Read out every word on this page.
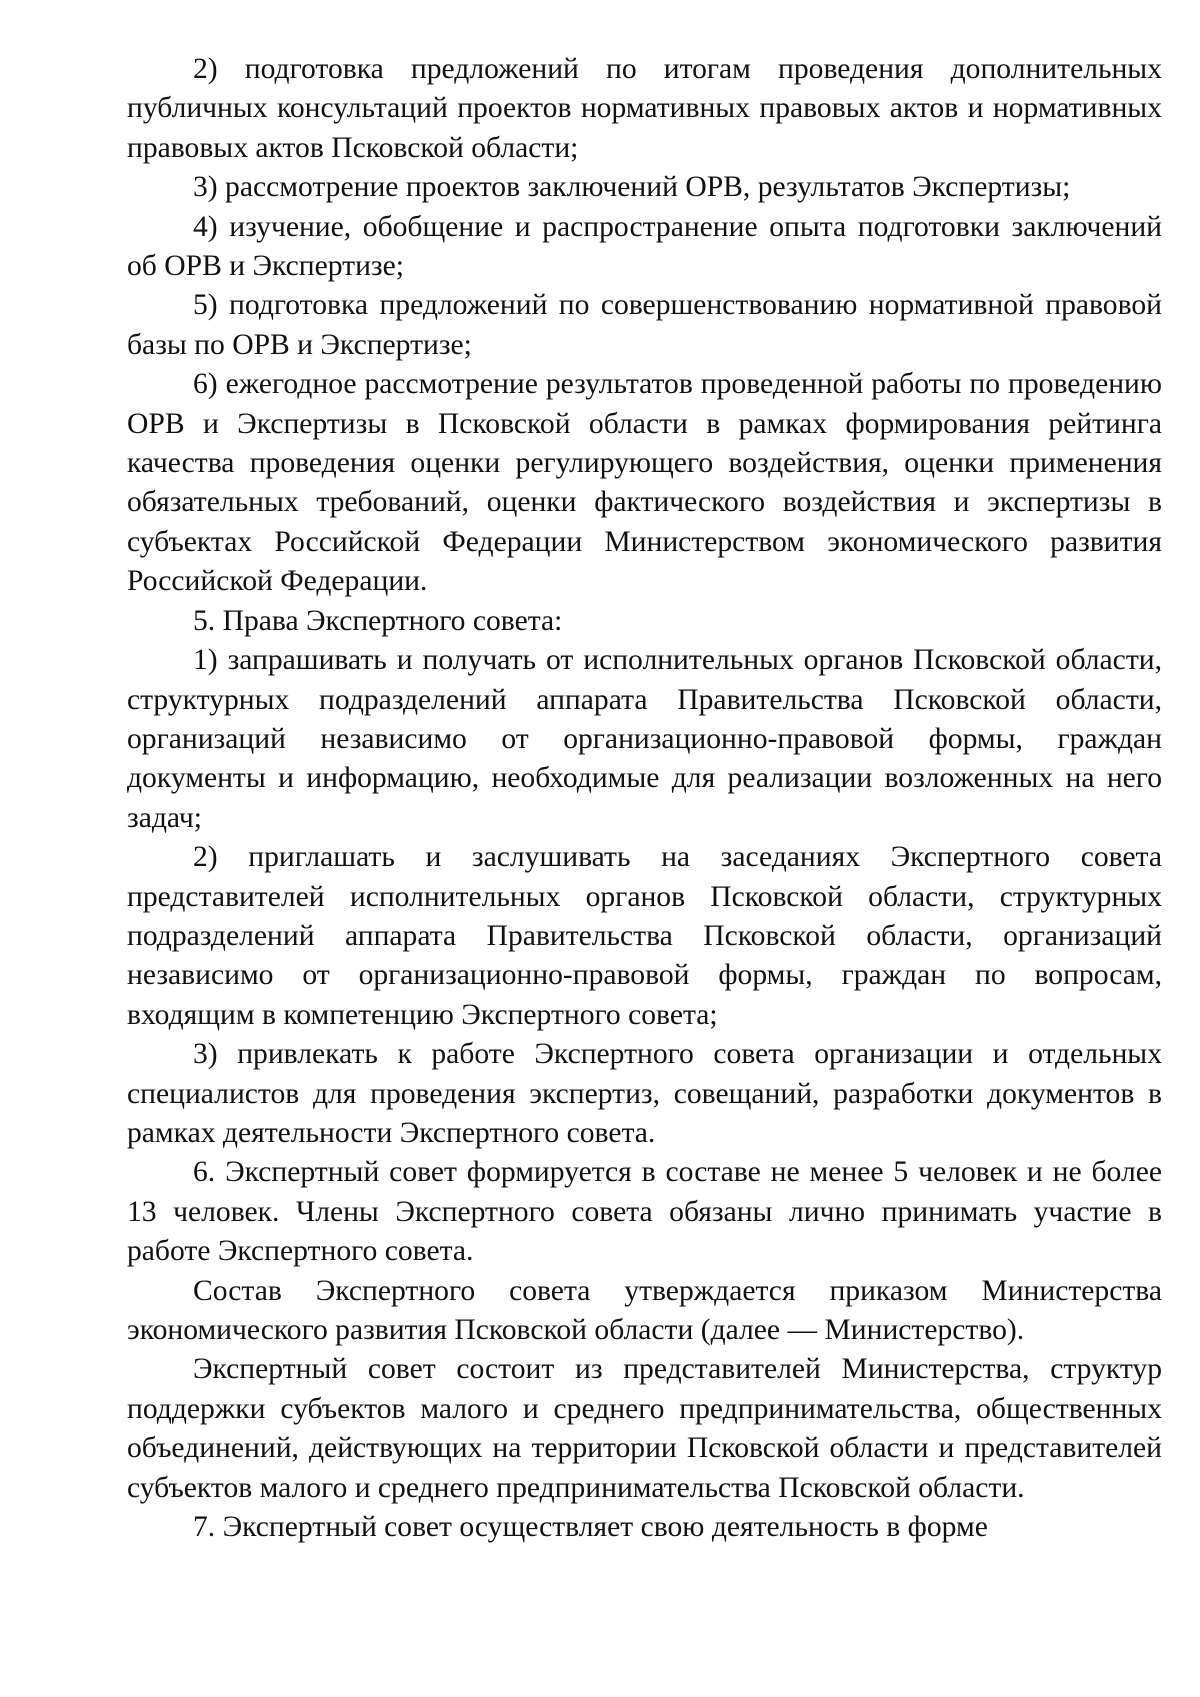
2) подготовка предложений по итогам проведения дополнительных публичных консультаций проектов нормативных правовых актов и нормативных правовых актов Псковской области;

3) рассмотрение проектов заключений ОРВ, результатов Экспертизы;

4) изучение, обобщение и распространение опыта подготовки заключений об ОРВ и Экспертизе;

5) подготовка предложений по совершенствованию нормативной правовой базы по ОРВ и Экспертизе;

6) ежегодное рассмотрение результатов проведенной работы по проведению ОРВ и Экспертизы в Псковской области в рамках формирования рейтинга качества проведения оценки регулирующего воздействия, оценки применения обязательных требований, оценки фактического воздействия и экспертизы в субъектах Российской Федерации Министерством экономического развития Российской Федерации.

5. Права Экспертного совета:

1) запрашивать и получать от исполнительных органов Псковской области, структурных подразделений аппарата Правительства Псковской области, организаций независимо от организационно-правовой формы, граждан документы и информацию, необходимые для реализации возложенных на него задач;

2) приглашать и заслушивать на заседаниях Экспертного совета представителей исполнительных органов Псковской области, структурных подразделений аппарата Правительства Псковской области, организаций независимо от организационно-правовой формы, граждан по вопросам, входящим в компетенцию Экспертного совета;

3) привлекать к работе Экспертного совета организации и отдельных специалистов для проведения экспертиз, совещаний, разработки документов в рамках деятельности Экспертного совета.

6. Экспертный совет формируется в составе не менее 5 человек и не более 13 человек. Члены Экспертного совета обязаны лично принимать участие в работе Экспертного совета.

Состав Экспертного совета утверждается приказом Министерства экономического развития Псковской области (далее — Министерство).

Экспертный совет состоит из представителей Министерства, структур поддержки субъектов малого и среднего предпринимательства, общественных объединений, действующих на территории Псковской области и представителей субъектов малого и среднего предпринимательства Псковской области.

7. Экспертный совет осуществляет свою деятельность в форме
